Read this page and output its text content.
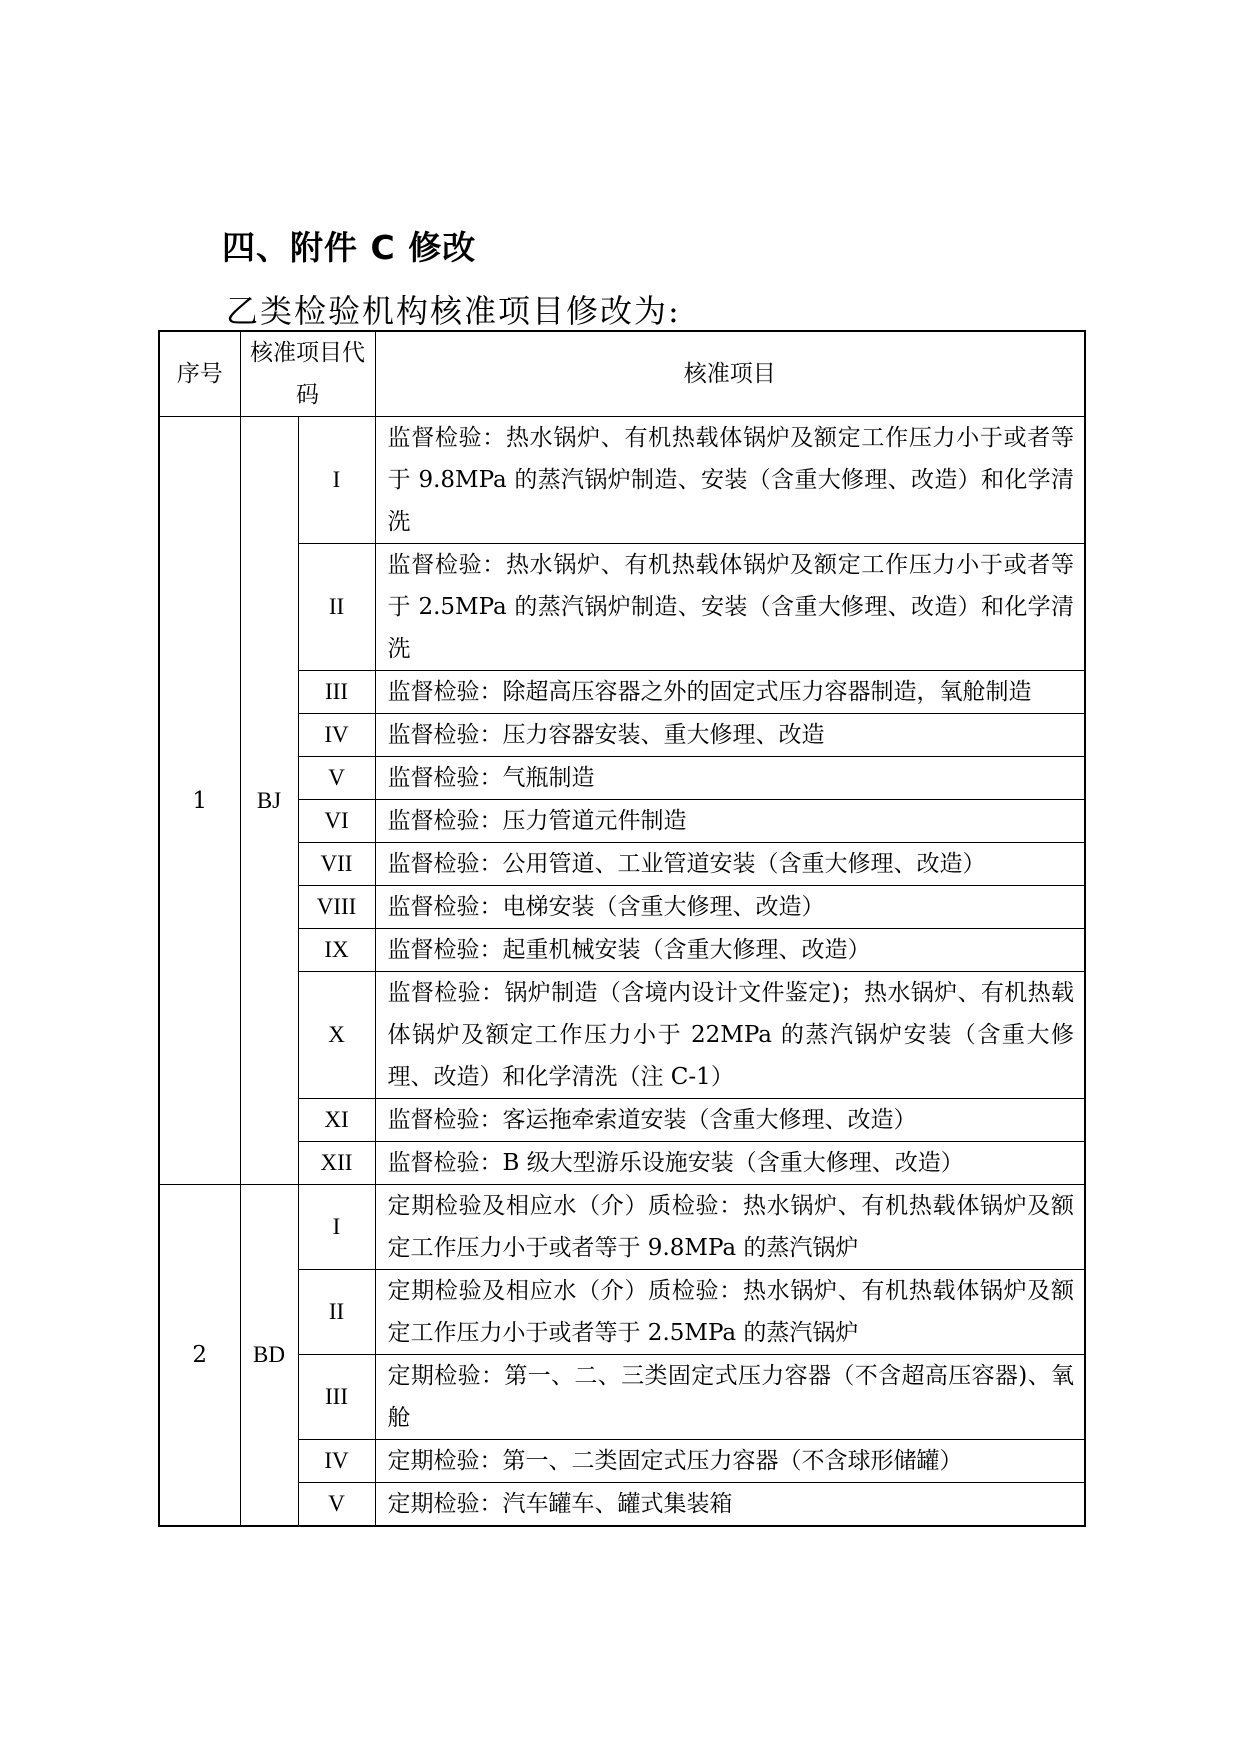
四、附件 C 修改
乙类检验机构核准项目修改为:
序号	核准项目代码		核准项目
1	BJ	I	监督检验：热水锅炉、有机热载体锅炉及额定工作压力小于或者等于 9.8MPa 的蒸汽锅炉制造、安装（含重大修理、改造）和化学清洗
		II	监督检验：热水锅炉、有机热载体锅炉及额定工作压力小于或者等于 2.5MPa 的蒸汽锅炉制造、安装（含重大修理、改造）和化学清洗
		III	监督检验：除超高压容器之外的固定式压力容器制造，氧舱制造
		IV	监督检验：压力容器安装、重大修理、改造
		V	监督检验：气瓶制造
		VI	监督检验：压力管道元件制造
		VII	监督检验：公用管道、工业管道安装（含重大修理、改造）
		VIII	监督检验：电梯安装（含重大修理、改造）
		IX	监督检验：起重机械安装（含重大修理、改造）
		X	监督检验：锅炉制造（含境内设计文件鉴定)；热水锅炉、有机热载体锅炉及额定工作压力小于 22MPa 的蒸汽锅炉安装（含重大修理、改造）和化学清洗（注 C-1）
		XI	监督检验：客运拖牵索道安装（含重大修理、改造）
		XII	监督检验：B 级大型游乐设施安装（含重大修理、改造）
2	BD	I	定期检验及相应水（介）质检验：热水锅炉、有机热载体锅炉及额定工作压力小于或者等于 9.8MPa 的蒸汽锅炉
		II	定期检验及相应水（介）质检验：热水锅炉、有机热载体锅炉及额定工作压力小于或者等于 2.5MPa 的蒸汽锅炉
		III	定期检验：第一、二、三类固定式压力容器（不含超高压容器)、氧舱
		IV	定期检验：第一、二类固定式压力容器（不含球形储罐）
		V	定期检验：汽车罐车、罐式集装箱
